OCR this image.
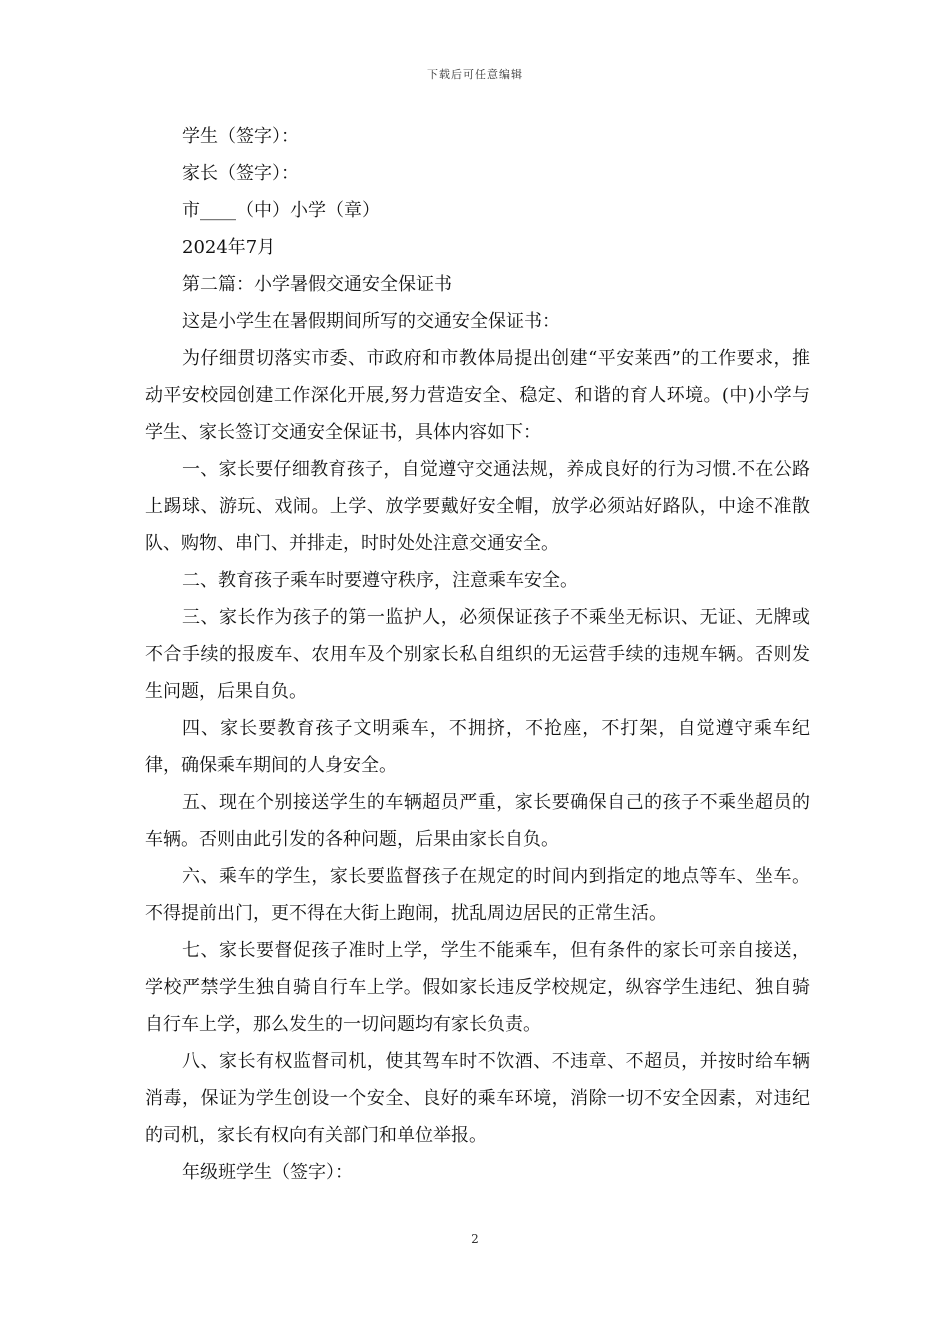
下载后可任意编辑
学生（签字）：
家长（签字）：
市____（中）小学（章）
2024年7月
第二篇：小学暑假交通安全保证书
这是小学生在暑假期间所写的交通安全保证书：
为仔细贯切落实市委、市政府和市教体局提出创建“平安莱西”的工作要求，推动平安校园创建工作深化开展,努力营造安全、稳定、和谐的育人环境。(中)小学与学生、家长签订交通安全保证书，具体内容如下：
一、家长要仔细教育孩子，自觉遵守交通法规，养成良好的行为习惯.不在公路上踢球、游玩、戏闹。上学、放学要戴好安全帽，放学必须站好路队，中途不准散队、购物、串门、并排走，时时处处注意交通安全。
二、教育孩子乘车时要遵守秩序，注意乘车安全。
三、家长作为孩子的第一监护人，必须保证孩子不乘坐无标识、无证、无牌或不合手续的报废车、农用车及个别家长私自组织的无运营手续的违规车辆。否则发生问题，后果自负。
四、家长要教育孩子文明乘车，不拥挤，不抢座，不打架，自觉遵守乘车纪律，确保乘车期间的人身安全。
五、现在个别接送学生的车辆超员严重，家长要确保自己的孩子不乘坐超员的车辆。否则由此引发的各种问题，后果由家长自负。
六、乘车的学生，家长要监督孩子在规定的时间内到指定的地点等车、坐车。不得提前出门，更不得在大街上跑闹，扰乱周边居民的正常生活。
七、家长要督促孩子准时上学，学生不能乘车，但有条件的家长可亲自接送，学校严禁学生独自骑自行车上学。假如家长违反学校规定，纵容学生违纪、独自骑自行车上学，那么发生的一切问题均有家长负责。
八、家长有权监督司机，使其驾车时不饮酒、不违章、不超员，并按时给车辆消毒，保证为学生创设一个安全、良好的乘车环境，消除一切不安全因素，对违纪的司机，家长有权向有关部门和单位举报。
年级班学生（签字）：
2
